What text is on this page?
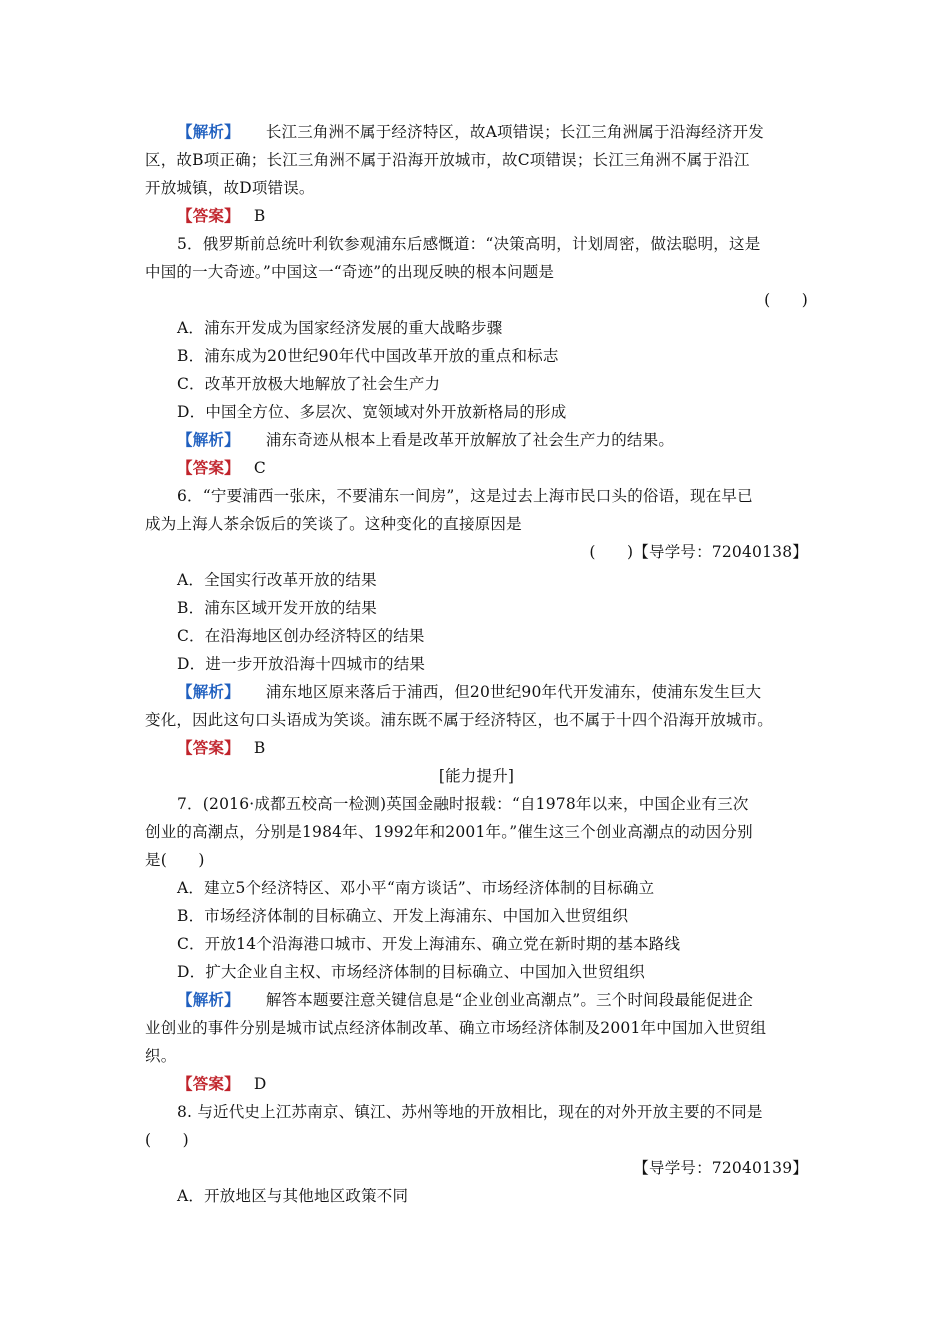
【解析】 长江三角洲不属于经济特区，故A项错误；长江三角洲属于沿海经济开发
区，故B项正确；长江三角洲不属于沿海开放城市，故C项错误；长江三角洲不属于沿江
开放城镇，故D项错误。
【答案】 B
5．俄罗斯前总统叶利钦参观浦东后感慨道：“决策高明，计划周密，做法聪明，这是
中国的一大奇迹。”中国这一“奇迹”的出现反映的根本问题是
(　　)
A．浦东开发成为国家经济发展的重大战略步骤
B．浦东成为20世纪90年代中国改革开放的重点和标志
C．改革开放极大地解放了社会生产力
D．中国全方位、多层次、宽领域对外开放新格局的形成
【解析】 浦东奇迹从根本上看是改革开放解放了社会生产力的结果。
【答案】 C
6．“宁要浦西一张床，不要浦东一间房”，这是过去上海市民口头的俗语，现在早已
成为上海人茶余饭后的笑谈了。这种变化的直接原因是
(　　)【导学号：72040138】
A．全国实行改革开放的结果
B．浦东区域开发开放的结果
C．在沿海地区创办经济特区的结果
D．进一步开放沿海十四城市的结果
【解析】 浦东地区原来落后于浦西，但20世纪90年代开发浦东，使浦东发生巨大
变化，因此这句口头语成为笑谈。浦东既不属于经济特区，也不属于十四个沿海开放城市。
【答案】 B
[能力提升]
7．(2016·成都五校高一检测)英国金融时报载：“自1978年以来，中国企业有三次
创业的高潮点，分别是1984年、1992年和2001年。”催生这三个创业高潮点的动因分别
是(　　)
A．建立5个经济特区、邓小平“南方谈话”、市场经济体制的目标确立
B．市场经济体制的目标确立、开发上海浦东、中国加入世贸组织
C．开放14个沿海港口城市、开发上海浦东、确立党在新时期的基本路线
D．扩大企业自主权、市场经济体制的目标确立、中国加入世贸组织
【解析】 解答本题要注意关键信息是“企业创业高潮点”。三个时间段最能促进企
业创业的事件分别是城市试点经济体制改革、确立市场经济体制及2001年中国加入世贸组
织。
【答案】 D
8. 与近代史上江苏南京、镇江、苏州等地的开放相比，现在的对外开放主要的不同是
(　　)
【导学号：72040139】
A．开放地区与其他地区政策不同
